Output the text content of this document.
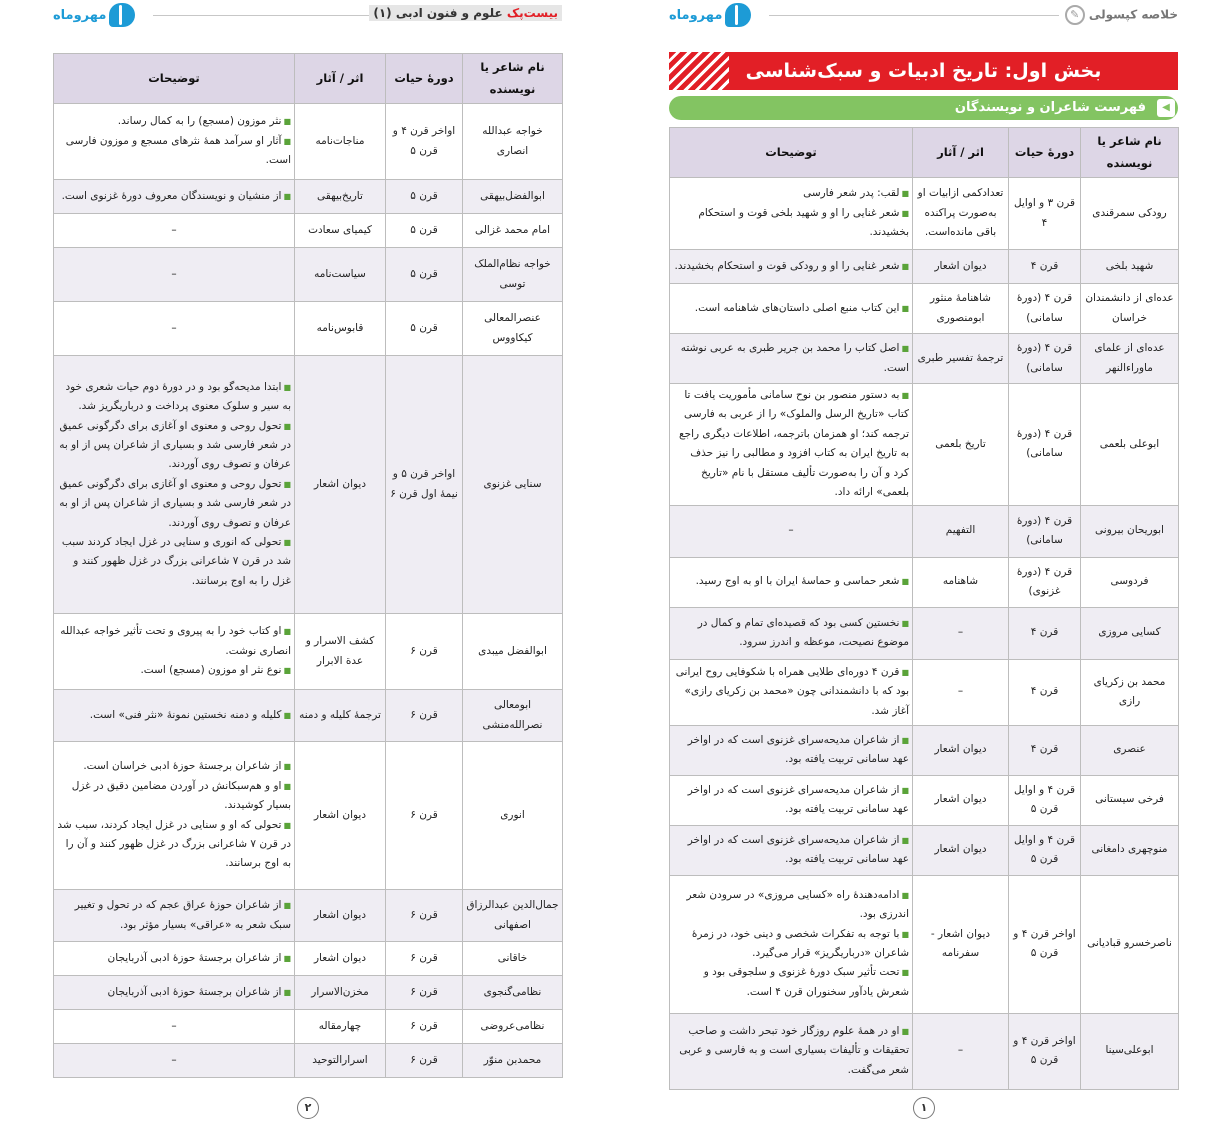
مهروماه	بیست‌پک علوم و فنون ادبی (۱)
نام شاعر یا نویسنده	دورهٔ حیات	اثر / آثار	توضیحات
خواجه عبدالله انصاری	اواخر قرن ۴ و قرن ۵	مناجات‌نامه	■نثر موزون (مسجع) را به کمال رساند.
■آثار او سرآمد همهٔ نثرهای مسجع و موزون فارسی است.

ابوالفضل‌بیهقی	قرن ۵	تاریخ‌بیهقی	■از منشیان و نویسندگان معروف دورهٔ غزنوی است.

امام محمد غزالی	قرن ۵	کیمیای سعادت	–
خواجه نظام‌الملک توسی	قرن ۵	سیاست‌نامه	–
عنصرالمعالی کیکاووس	قرن ۵	قابوس‌نامه	–
سنایی غزنوی	اواخر قرن ۵ و نیمهٔ اول قرن ۶	دیوان اشعار	■ابتدا مدیحه‌گو بود و در دورهٔ دوم حیات شعری خود به سیر و سلوک معنوی پرداخت و درباریگریز شد.
■تحول روحی و معنوی او آغازی برای دگرگونی عمیق در شعر فارسی شد و بسیاری از شاعران پس از او به عرفان و تصوف روی آوردند.
■تحول روحی و معنوی او آغازی برای دگرگونی عمیق در شعر فارسی شد و بسیاری از شاعران پس از او به عرفان و تصوف روی آوردند.
■تحولی که انوری و سنایی در غزل ایجاد کردند سبب شد در قرن ۷ شاعرانی بزرگ در غزل ظهور کنند و غزل را به اوج برسانند.

ابوالفضل میبدی	قرن ۶	کشف الاسرار و عدة الابرار	■او کتاب خود را به پیروی و تحت تأثیر خواجه عبدالله انصاری نوشت.
■نوع نثر او موزون (مسجع) است.

ابومعالی نصرالله‌منشی	قرن ۶	ترجمهٔ کلیله و دمنه	■کلیله و دمنه نخستین نمونهٔ «نثر فنی» است.

انوری	قرن ۶	دیوان اشعار	■از شاعران برجستهٔ حوزهٔ ادبی خراسان است.
■او و هم‌سبکانش در آوردن مضامین دقیق در غزل بسیار کوشیدند.
■تحولی که او و سنایی در غزل ایجاد کردند، سبب شد در قرن ۷ شاعرانی بزرگ در غزل ظهور کنند و آن را به اوج برسانند.

جمال‌الدین عبدالرزاق اصفهانی	قرن ۶	دیوان اشعار	■از شاعران حوزهٔ عراق عجم که در تحول و تغییر سبک شعر به «عراقی» بسیار مؤثر بود.

خاقانی	قرن ۶	دیوان اشعار	■از شاعران برجستهٔ حوزهٔ ادبی آذربایجان

نظامی‌گنجوی	قرن ۶	مخزن‌الاسرار	■از شاعران برجستهٔ حوزهٔ ادبی آذربایجان

نظامی‌عروضی	قرن ۶	چهارمقاله	–
محمدبن منوّر	قرن ۶	اسرارالتوحید	–
۲
مهروماه	خلاصه کپسولی ✎
بخش اول: تاریخ ادبیات و سبک‌شناسی
◀
فهرست شاعران و نویسندگان
نام شاعر یا نویسنده	دورهٔ حیات	اثر / آثار	توضیحات
رودکی سمرقندی	قرن ۳ و اوایل ۴	تعدادکمی ازابیات او به‌صورت پراکنده باقی مانده‌است.	■لقب: پدر شعر فارسی
■شعر غنایی را او و شهید بلخی قوت و استحکام بخشیدند.

شهید بلخی	قرن ۴	دیوان اشعار	■شعر غنایی را او و رودکی قوت و استحکام بخشیدند.

عده‌ای از دانشمندان خراسان	قرن ۴ (دورهٔ سامانی)	شاهنامهٔ منثور ابومنصوری	■این کتاب منبع اصلی داستان‌های شاهنامه است.

عده‌ای از علمای ماوراءالنهر	قرن ۴ (دورهٔ سامانی)	ترجمهٔ تفسیر طبری	■اصل کتاب را محمد بن جریر طبری به عربی نوشته است.

ابوعلی بلعمی	قرن ۴ (دورهٔ سامانی)	تاریخ بلعمی	■به دستور منصور بن نوح سامانی مأموریت یافت تا کتاب «تاریخ الرسل والملوک» را از عربی به فارسی ترجمه کند؛ او همزمان باترجمه، اطلاعات دیگری راجع به تاریخ ایران به کتاب افزود و مطالبی را نیز حذف کرد و آن را به‌صورت تألیف مستقل با نام «تاریخ بلعمی» ارائه داد.

ابوریحان بیرونی	قرن ۴ (دورهٔ سامانی)	التفهیم	–
فردوسی	قرن ۴ (دورهٔ غزنوی)	شاهنامه	■شعر حماسی و حماسهٔ ایران با او به اوج رسید.

کسایی مروزی	قرن ۴	–	■نخستین کسی بود که قصیده‌ای تمام و کمال در موضوع نصیحت، موعظه و اندرز سرود.

محمد بن زکریای رازی	قرن ۴	–	■قرن ۴ دوره‌ای طلایی همراه با شکوفایی روح ایرانی بود که با دانشمندانی چون «محمد بن زکریای رازی» آغاز شد.

عنصری	قرن ۴	دیوان اشعار	■از شاعران مدیحه‌سرای غزنوی است که در اواخر عهد سامانی تربیت یافته بود.

فرخی سیستانی	قرن ۴ و اوایل قرن ۵	دیوان اشعار	■از شاعران مدیحه‌سرای غزنوی است که در اواخر عهد سامانی تربیت یافته بود.

منوچهری دامغانی	قرن ۴ و اوایل قرن ۵	دیوان اشعار	■از شاعران مدیحه‌سرای غزنوی است که در اواخر عهد سامانی تربیت یافته بود.

ناصرخسرو قبادیانی	اواخر قرن ۴ و قرن ۵	دیوان اشعار - سفرنامه	■ادامه‌دهندهٔ راه «کسایی مروزی» در سرودن شعر اندرزی بود.
■با توجه به تفکرات شخصی و دینی خود، در زمرهٔ شاعران «درباریگریز» قرار می‌گیرد.
■تحت تأثیر سبک دورهٔ غزنوی و سلجوقی بود و شعرش یادآور سخنوران قرن ۴ است.

ابوعلی‌سینا	اواخر قرن ۴ و قرن ۵	–	■او در همهٔ علوم روزگار خود تبحر داشت و صاحب تحقیقات و تألیفات بسیاری است و به فارسی و عربی شعر می‌گفت.
۱
